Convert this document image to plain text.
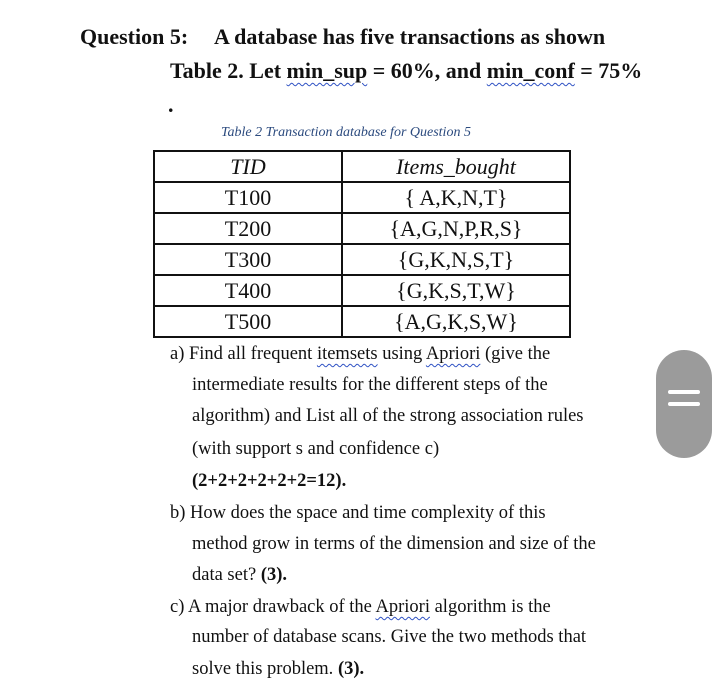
Question 5: A database has five transactions as shown
Table 2. Let min_sup = 60%, and min_conf = 75%
.
Table 2 Transaction database for Question 5
TID	Items_bought
T100	{ A,K,N,T}
T200	{A,G,N,P,R,S}
T300	{G,K,N,S,T}
T400	{G,K,S,T,W}
T500	{A,G,K,S,W}
a) Find all frequent itemsets using Apriori (give the
intermediate results for the different steps of the
algorithm) and List all of the strong association rules
(with support s and confidence c)
(2+2+2+2+2+2=12).
b) How does the space and time complexity of this
method grow in terms of the dimension and size of the
data set? (3).
c) A major drawback of the Apriori algorithm is the
number of database scans. Give the two methods that
solve this problem. (3).
